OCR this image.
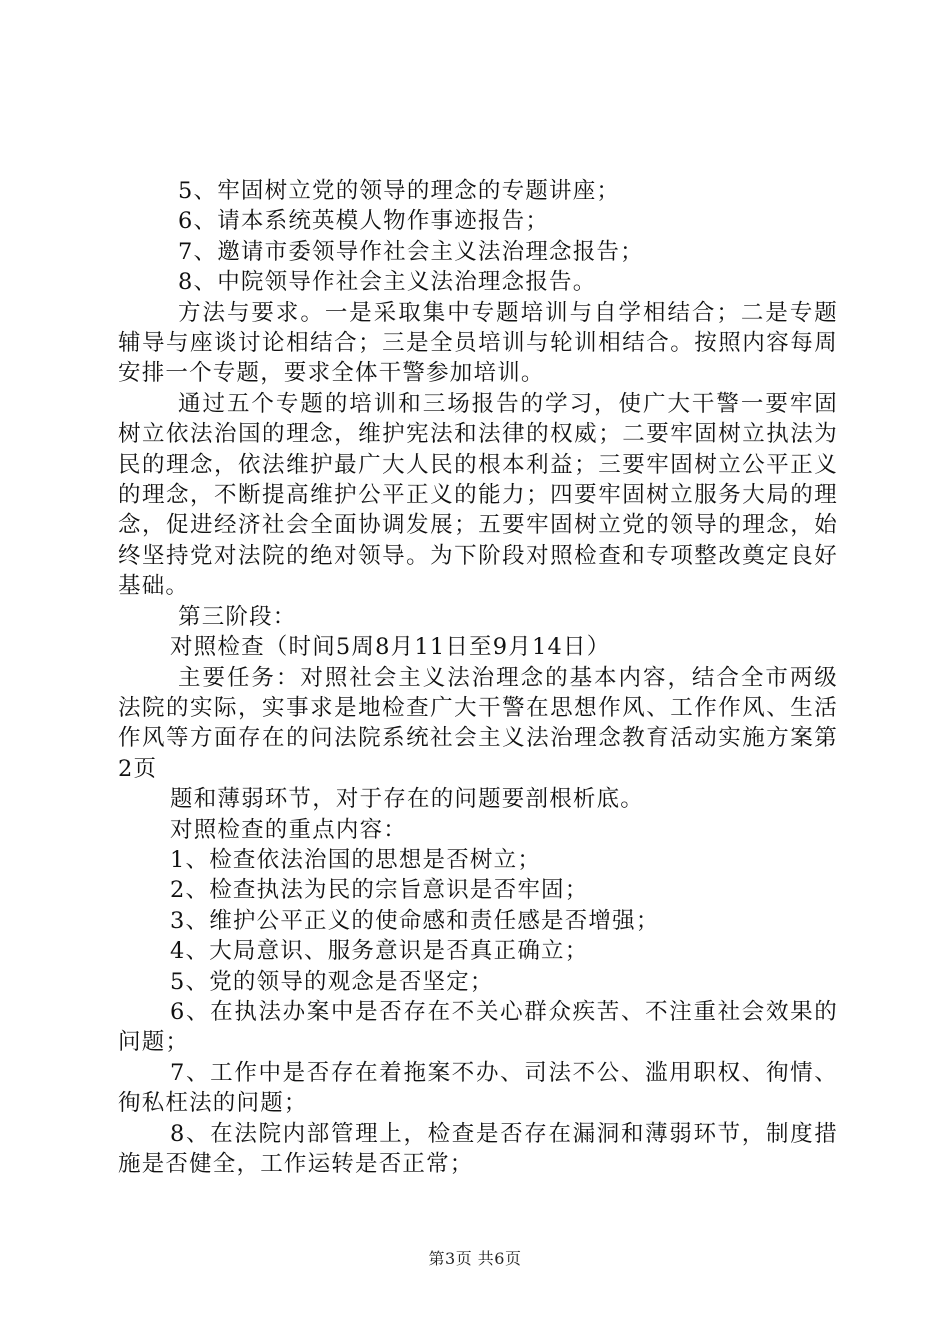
5、牢固树立党的领导的理念的专题讲座；

6、请本系统英模人物作事迹报告；

7、邀请市委领导作社会主义法治理念报告；

8、中院领导作社会主义法治理念报告。

方法与要求。一是采取集中专题培训与自学相结合；二是专题辅导与座谈讨论相结合；三是全员培训与轮训相结合。按照内容每周安排一个专题，要求全体干警参加培训。

通过五个专题的培训和三场报告的学习，使广大干警一要牢固树立依法治国的理念，维护宪法和法律的权威；二要牢固树立执法为民的理念，依法维护最广大人民的根本利益；三要牢固树立公平正义的理念，不断提高维护公平正义的能力；四要牢固树立服务大局的理念，促进经济社会全面协调发展；五要牢固树立党的领导的理念，始终坚持党对法院的绝对领导。为下阶段对照检查和专项整改奠定良好基础。

第三阶段：

对照检查（时间5周8月11日至9月14日）

主要任务：对照社会主义法治理念的基本内容，结合全市两级法院的实际，实事求是地检查广大干警在思想作风、工作作风、生活作风等方面存在的问法院系统社会主义法治理念教育活动实施方案第2页

题和薄弱环节，对于存在的问题要剖根析底。

对照检查的重点内容：

1、检查依法治国的思想是否树立；

2、检查执法为民的宗旨意识是否牢固；

3、维护公平正义的使命感和责任感是否增强；

4、大局意识、服务意识是否真正确立；

5、党的领导的观念是否坚定；

6、在执法办案中是否存在不关心群众疾苦、不注重社会效果的问题；

7、工作中是否存在着拖案不办、司法不公、滥用职权、徇情、徇私枉法的问题；

8、在法院内部管理上，检查是否存在漏洞和薄弱环节，制度措施是否健全，工作运转是否正常；

第3页 共6页
